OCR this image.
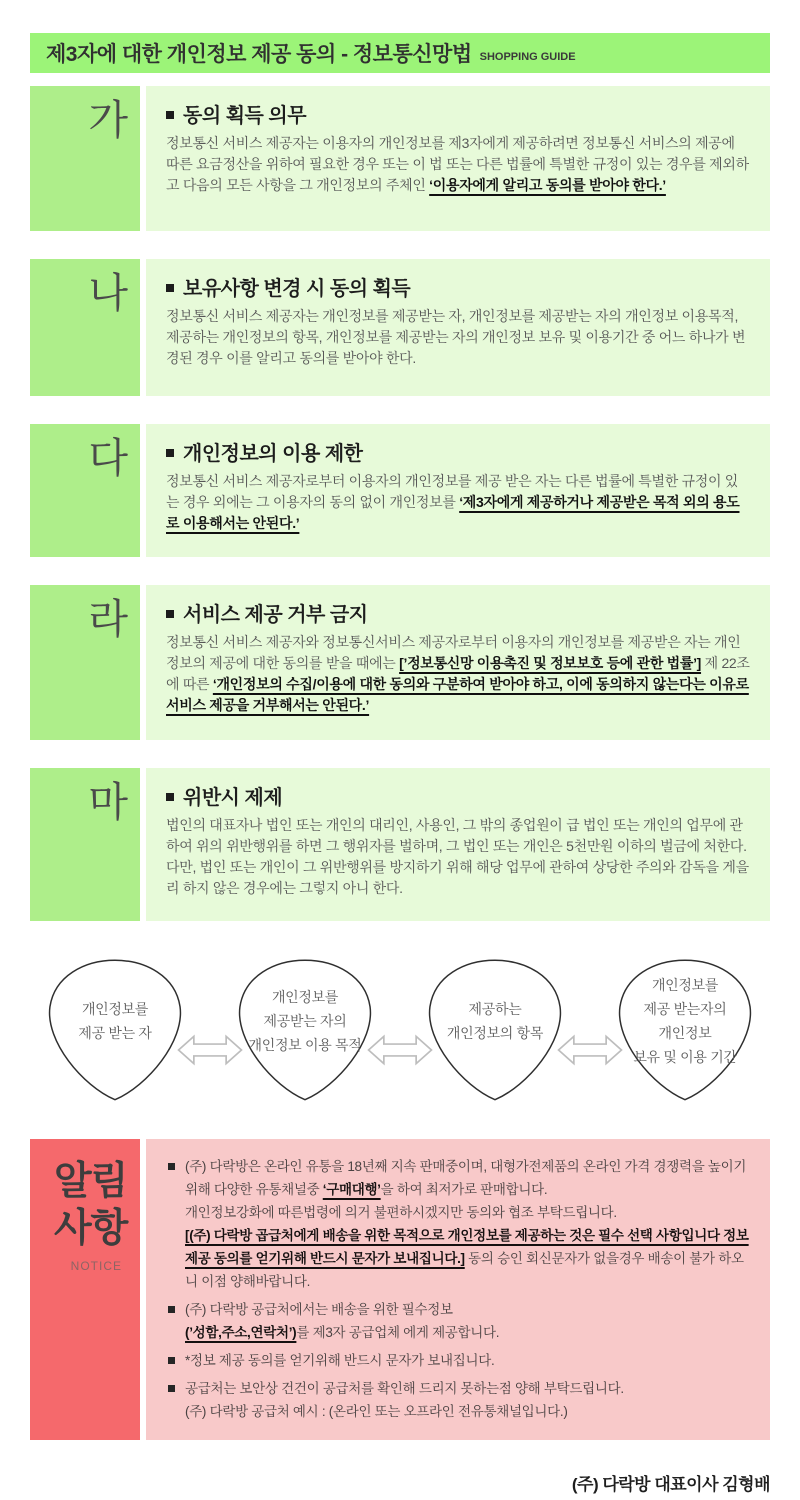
제3자에 대한 개인정보 제공 동의 - 정보통신망법 SHOPPING GUIDE
가	동의 획득 의무

정보통신 서비스 제공자는 이용자의 개인정보를 제3자에게 제공하려면 정보통신 서비스의 제공에 따른 요금정산을 위하여 필요한 경우 또는 이 법 또는 다른 법률에 특별한 규정이 있는 경우를 제외하고 다음의 모든 사항을 그 개인정보의 주체인 ‘이용자에게 알리고 동의를 받아야 한다.’

나	보유사항 변경 시 동의 획득

정보통신 서비스 제공자는 개인정보를 제공받는 자, 개인정보를 제공받는 자의 개인정보 이용목적, 제공하는 개인정보의 항목, 개인정보를 제공받는 자의 개인정보 보유 및 이용기간 중 어느 하나가 변경된 경우 이를 알리고 동의를 받아야 한다.

다	개인정보의 이용 제한

정보통신 서비스 제공자로부터 이용자의 개인정보를 제공 받은 자는 다른 법률에 특별한 규정이 있는 경우 외에는 그 이용자의 동의 없이 개인정보를 ‘제3자에게 제공하거나 제공받은 목적 외의 용도로 이용해서는 안된다.’

라	서비스 제공 거부 금지

정보통신 서비스 제공자와 정보통신서비스 제공자로부터 이용자의 개인정보를 제공받은 자는 개인정보의 제공에 대한 동의를 받을 때에는 [’정보통신망 이용촉진 및 정보보호 등에 관한 법률’] 제 22조에 따른 ‘개인정보의 수집/이용에 대한 동의와 구분하여 받아야 하고, 이에 동의하지 않는다는 이유로 서비스 제공을 거부해서는 안된다.’

마	위반시 제제

법인의 대표자나 법인 또는 개인의 대리인, 사용인, 그 밖의 종업원이 급 법인 또는 개인의 업무에 관하여 위의 위반행위를 하면 그 행위자를 벌하며, 그 법인 또는 개인은 5천만원 이하의 벌금에 처한다. 다만, 법인 또는 개인이 그 위반행위를 방지하기 위해 해당 업무에 관하여 상당한 주의와 감독을 게을리 하지 않은 경우에는 그렇지 아니 한다.

개인정보를
제공 받는 자
개인정보를
제공받는 자의
개인정보 이용 목적
제공하는
개인정보의 항목
개인정보를
제공 받는자의
개인정보
보유 및 이용 기간
알림
사항
NOTICE

(주) 다락방은 온라인 유통을 18년째 지속 판매중이며, 대형가전제품의 온라인 가격 경쟁력을 높이기 위해 다양한 유통채널중 ‘구매대행’을 하여 최저가로 판매합니다.

개인정보강화에 따른법령에 의거 불편하시겠지만 동의와 협조 부탁드립니다.

[(주) 다락방 곱급처에게 배송을 위한 목적으로 개인정보를 제공하는 것은 필수 선택 사항입니다 정보제공 동의를 얻기위해 반드시 문자가 보내집니다.] 동의 승인 회신문자가 없을경우 배송이 불가 하오니 이점 양해바랍니다.

(주) 다락방 공급처에서는 배송을 위한 필수정보

(’성함,주소,연락처’)를 제3자 공급업체 에게 제공합니다.

*정보 제공 동의를 얻기위해 반드시 문자가 보내집니다.

공급처는 보안상 건건이 공급처를 확인해 드리지 못하는점 양해 부탁드립니다.

(주) 다락방 공급처 예시 : (온라인 또는 오프라인 전유통채널입니다.)

(주) 다락방 대표이사 김형배
